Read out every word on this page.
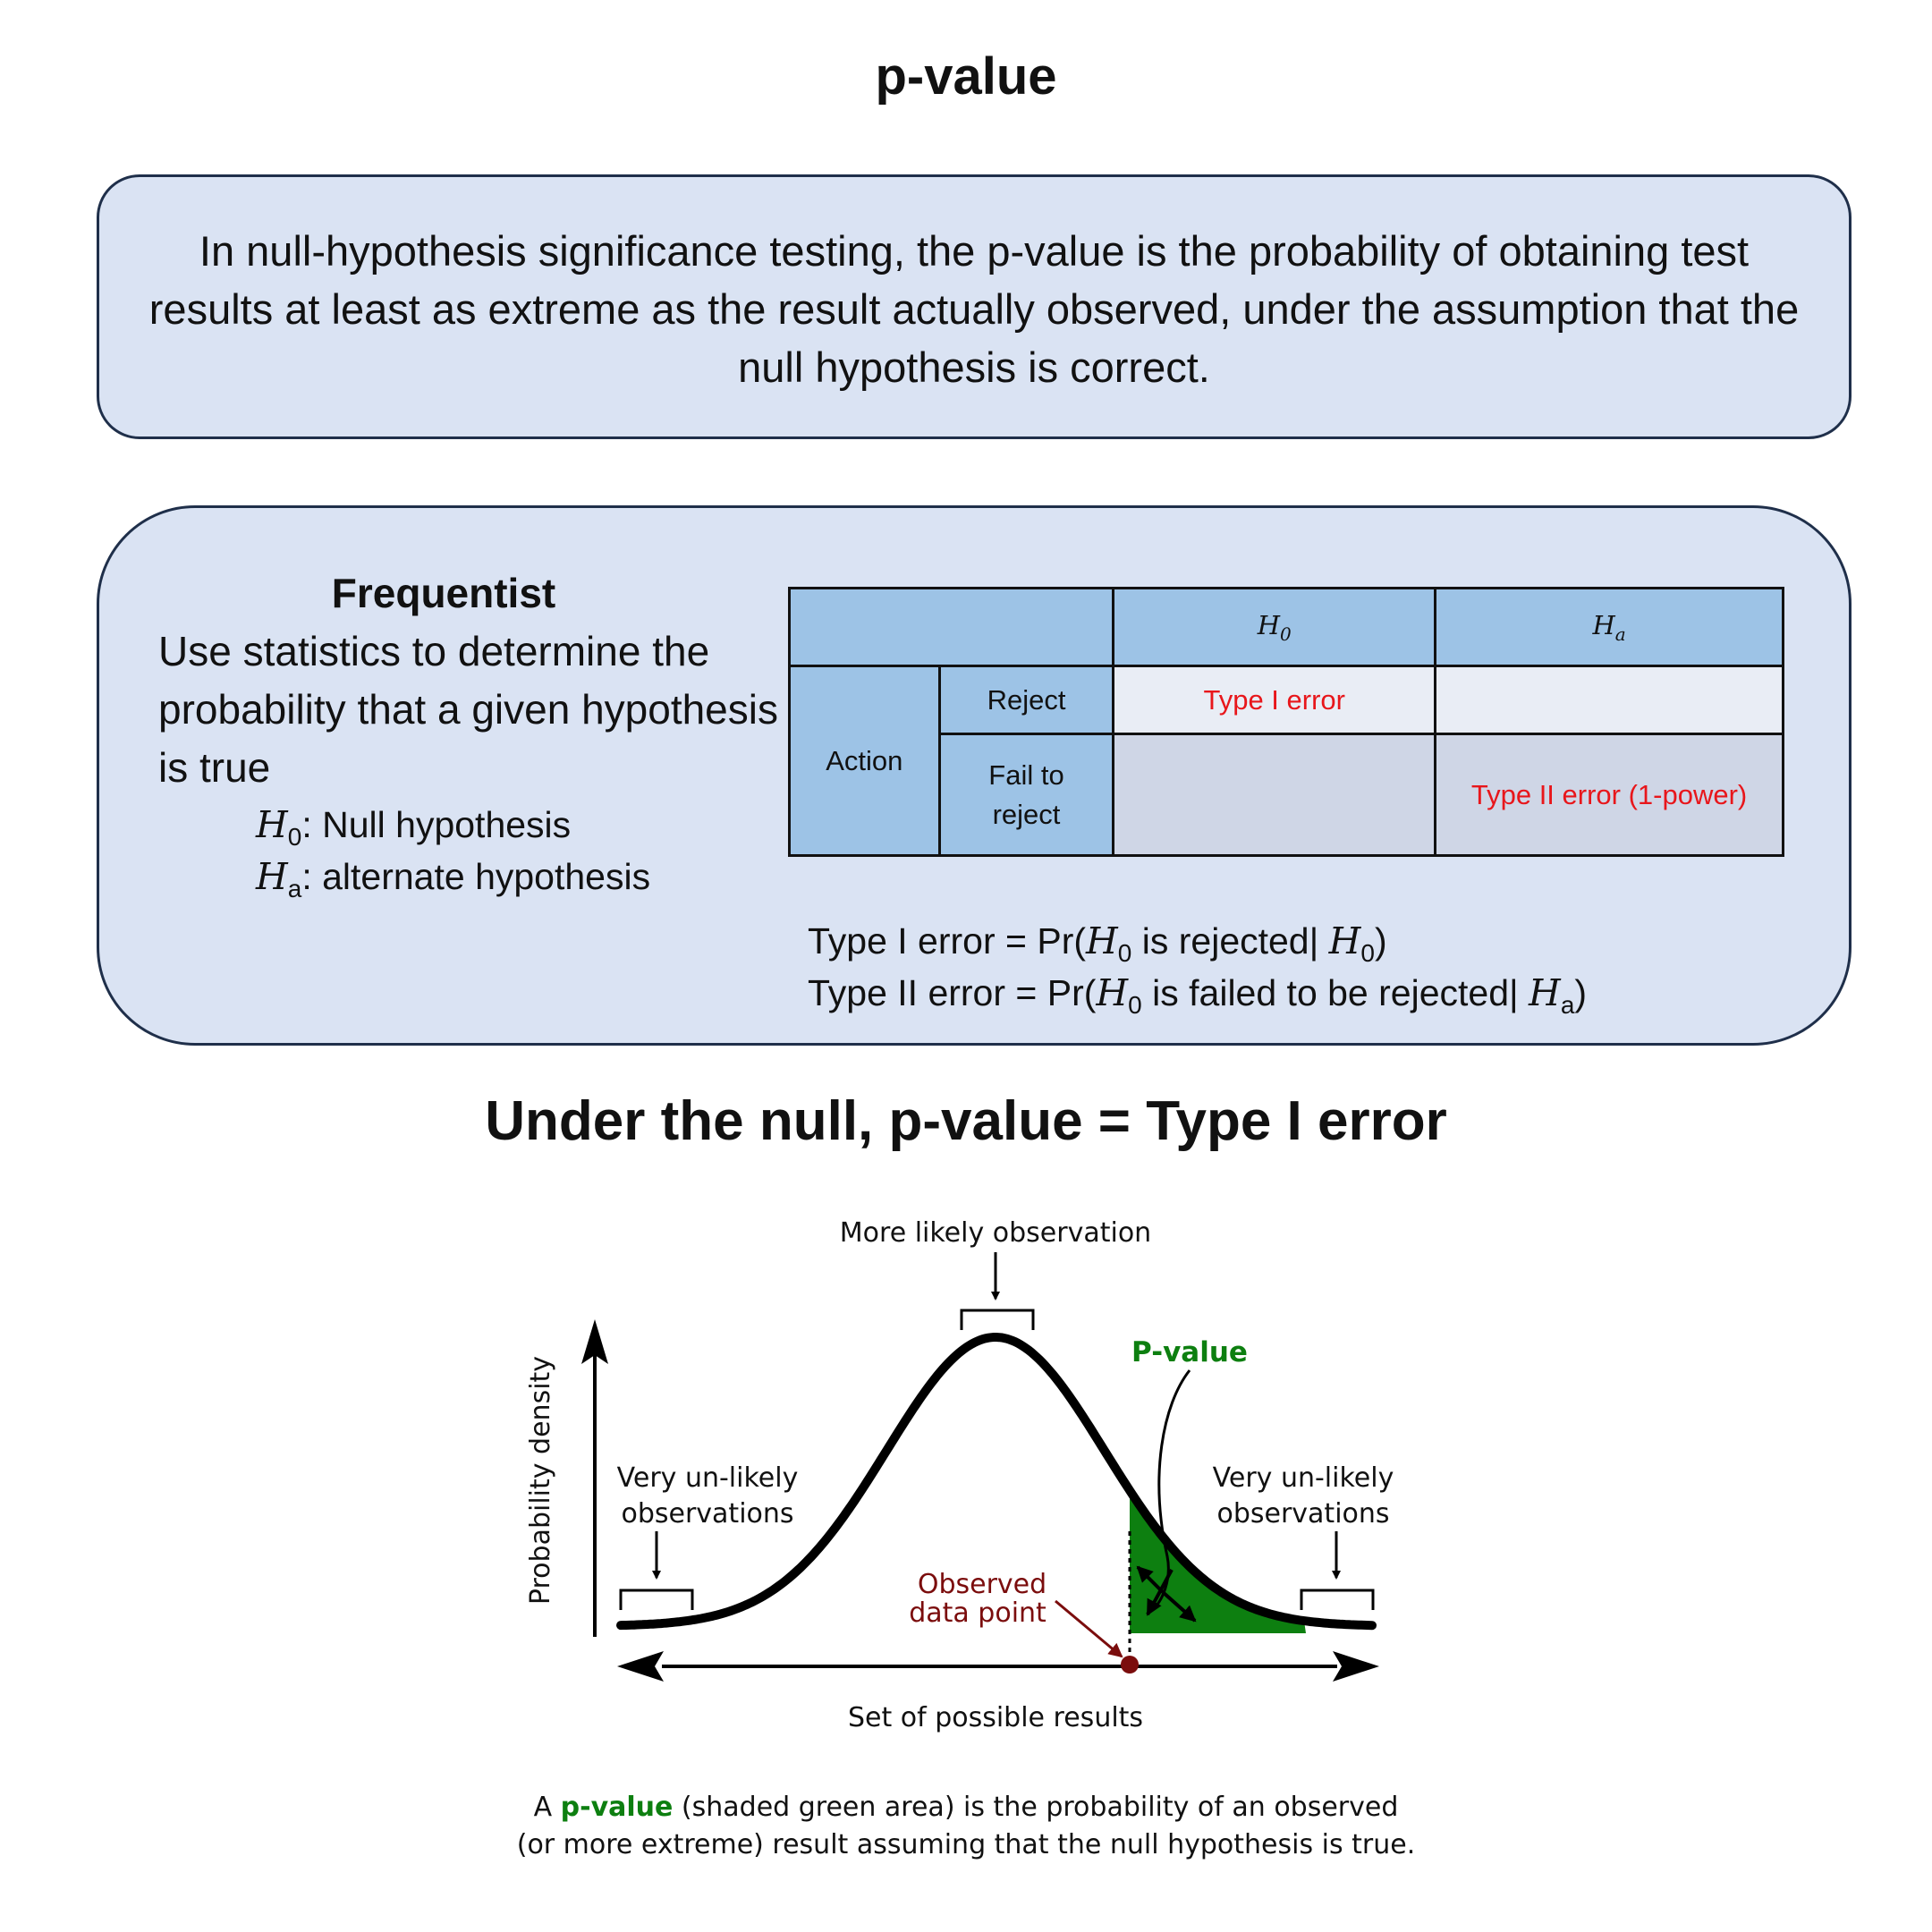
p-value
In null-hypothesis significance testing, the p-value is the probability of obtaining test results at least as extreme as the result actually observed, under the assumption that the null hypothesis is correct.
Frequentist
Use statistics to determine the probability that a given hypothesis is true
$H_0$: Null hypothesis
$H_a$: alternate hypothesis
		$H_0$	$H_a$
Action	Reject	Type I error	

	Fail to reject		Type II error (1-power)
Type I error = $Pr(H_0$ is rejected| $H_0$)
Type II error = $Pr(H_0$ is failed to be rejected| $H_a$)
Under the null, p-value = Type I error
More likely observation
P-value
Probability density Very un-likely
observations
Very un-likely
observations
Observed
data point
Set of possible results
A p-value (shaded green area) is the probability of an observed
(or more extreme) result assuming that the null hypothesis is true.
